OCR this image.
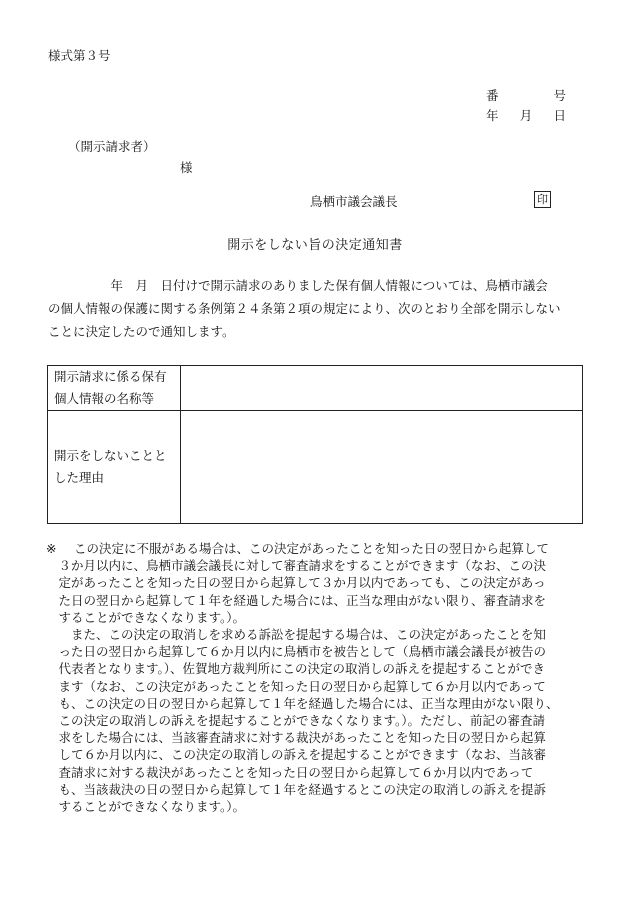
様式第３号
番	号
年 月 日
（開示請求者）
様
鳥栖市議会議長	印
開示をしない旨の決定通知書
　　　　　年　月　日付けで開示請求のありました保有個人情報については、鳥栖市議会
の個人情報の保護に関する条例第２４条第２項の規定により、次のとおり全部を開示しない
ことに決定したので通知します。
開示請求に係る保有
個人情報の名称等	

開示をしないことと
した理由	

※ この決定に不服がある場合は、この決定があったことを知った日の翌日から起算して
　３か月以内に、鳥栖市議会議長に対して審査請求をすることができます（なお、この決
　定があったことを知った日の翌日から起算して３か月以内であっても、この決定があっ
　た日の翌日から起算して１年を経過した場合には、正当な理由がない限り、審査請求を
　することができなくなります。）。
　　また、この決定の取消しを求める訴訟を提起する場合は、この決定があったことを知
　った日の翌日から起算して６か月以内に鳥栖市を被告として（鳥栖市議会議長が被告の
　代表者となります。）、佐賀地方裁判所にこの決定の取消しの訴えを提起することができ
　ます（なお、この決定があったことを知った日の翌日から起算して６か月以内であって
　も、この決定の日の翌日から起算して１年を経過した場合には、正当な理由がない限り、
　この決定の取消しの訴えを提起することができなくなります。）。ただし、前記の審査請
　求をした場合には、当該審査請求に対する裁決があったことを知った日の翌日から起算
　して６か月以内に、この決定の取消しの訴えを提起することができます（なお、当該審
　査請求に対する裁決があったことを知った日の翌日から起算して６か月以内であって
　も、当該裁決の日の翌日から起算して１年を経過するとこの決定の取消しの訴えを提訴
　することができなくなります。）。
